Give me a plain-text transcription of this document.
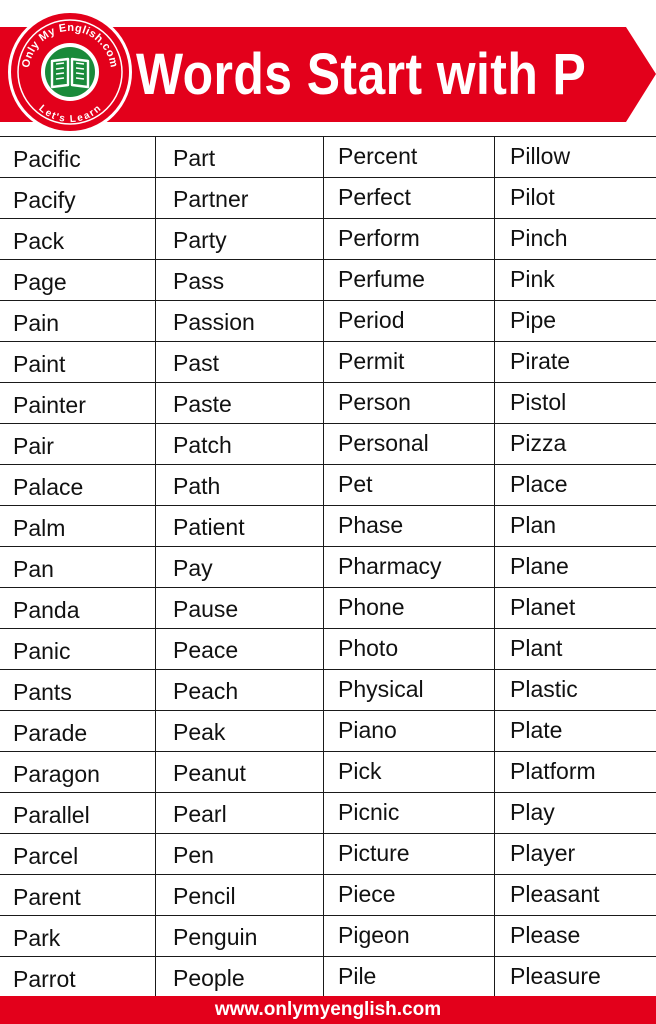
Words Start with P
Only My English.com
Let's Learn
Pacific	Part	Percent	Pillow
Pacify	Partner	Perfect	Pilot
Pack	Party	Perform	Pinch
Page	Pass	Perfume	Pink
Pain	Passion	Period	Pipe
Paint	Past	Permit	Pirate
Painter	Paste	Person	Pistol
Pair	Patch	Personal	Pizza
Palace	Path	Pet	Place
Palm	Patient	Phase	Plan
Pan	Pay	Pharmacy	Plane
Panda	Pause	Phone	Planet
Panic	Peace	Photo	Plant
Pants	Peach	Physical	Plastic
Parade	Peak	Piano	Plate
Paragon	Peanut	Pick	Platform
Parallel	Pearl	Picnic	Play
Parcel	Pen	Picture	Player
Parent	Pencil	Piece	Pleasant
Park	Penguin	Pigeon	Please
Parrot	People	Pile	Pleasure
www.onlymyenglish.com
